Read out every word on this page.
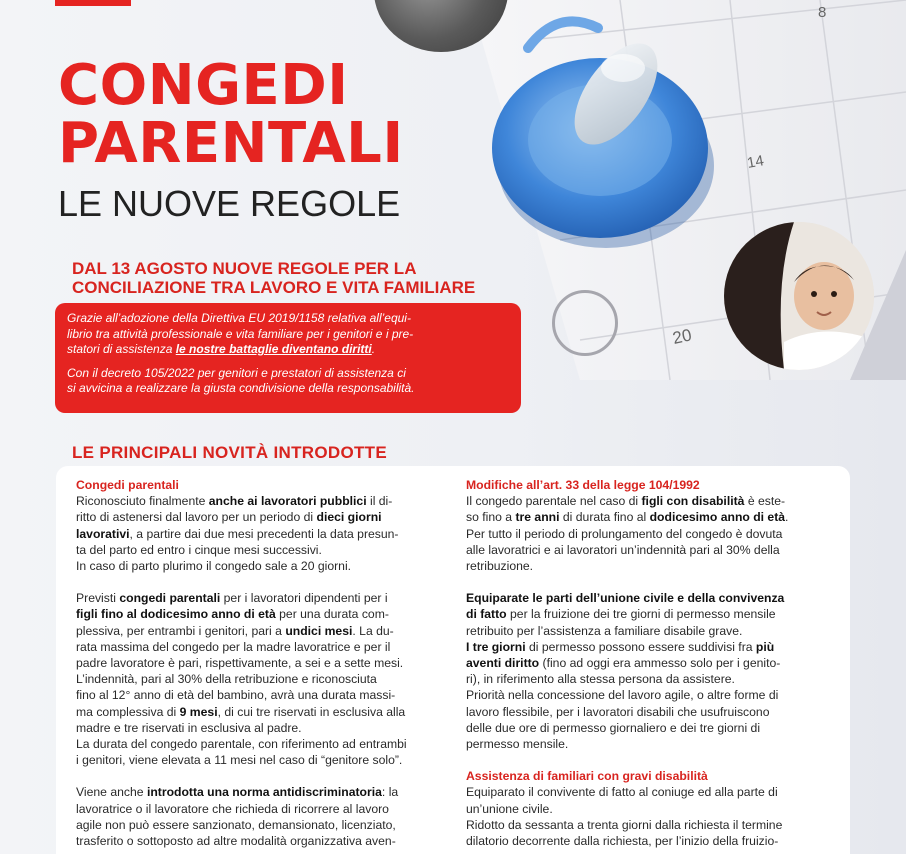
8
14
20
CONGEDI
PARENTALI
LE NUOVE REGOLE
DAL 13 AGOSTO NUOVE REGOLE PER LA
CONCILIAZIONE TRA LAVORO E VITA FAMILIARE

Grazie all’adozione della Direttiva EU 2019/1158 relativa all’equi-
librio tra attività professionale e vita familiare per i genitori e i pre-
statori di assistenza le nostre battaglie diventano diritti.

Con il decreto 105/2022 per genitori e prestatori di assistenza ci
si avvicina a realizzare la giusta condivisione della responsabilità.

LE PRINCIPALI NOVITÀ INTRODOTTE

Congedi parentali

Riconosciuto finalmente anche ai lavoratori pubblici il di-

ritto di astenersi dal lavoro per un periodo di dieci giorni

lavorativi, a partire dai due mesi precedenti la data presun-

ta del parto ed entro i cinque mesi successivi.

In caso di parto plurimo il congedo sale a 20 giorni.

Previsti congedi parentali per i lavoratori dipendenti per i

figli fino al dodicesimo anno di età per una durata com-

plessiva, per entrambi i genitori, pari a undici mesi. La du-

rata massima del congedo per la madre lavoratrice e per il

padre lavoratore è pari, rispettivamente, a sei e a sette mesi.

L’indennità, pari al 30% della retribuzione e riconosciuta

fino al 12° anno di età del bambino, avrà una durata massi-

ma complessiva di 9 mesi, di cui tre riservati in esclusiva alla

madre e tre riservati in esclusiva al padre.

La durata del congedo parentale, con riferimento ad entrambi

i genitori, viene elevata a 11 mesi nel caso di “genitore solo”.

Viene anche introdotta una norma antidiscriminatoria: la

lavoratrice o il lavoratore che richieda di ricorrere al lavoro

agile non può essere sanzionato, demansionato, licenziato,

trasferito o sottoposto ad altre modalità organizzativa aven-

Modifiche all’art. 33 della legge 104/1992

Il congedo parentale nel caso di figli con disabilità è este-

so fino a tre anni di durata fino al dodicesimo anno di età.

Per tutto il periodo di prolungamento del congedo è dovuta

alle lavoratrici e ai lavoratori un’indennità pari al 30% della

retribuzione.

Equiparate le parti dell’unione civile e della convivenza

di fatto per la fruizione dei tre giorni di permesso mensile

retribuito per l’assistenza a familiare disabile grave.

I tre giorni di permesso possono essere suddivisi fra più

aventi diritto (fino ad oggi era ammesso solo per i genito-

ri), in riferimento alla stessa persona da assistere.

Priorità nella concessione del lavoro agile, o altre forme di

lavoro flessibile, per i lavoratori disabili che usufruiscono

delle due ore di permesso giornaliero e dei tre giorni di

permesso mensile.

Assistenza di familiari con gravi disabilità

Equiparato il convivente di fatto al coniuge ed alla parte di

un’unione civile.

Ridotto da sessanta a trenta giorni dalla richiesta il termine

dilatorio decorrente dalla richiesta, per l’inizio della fruizio-
